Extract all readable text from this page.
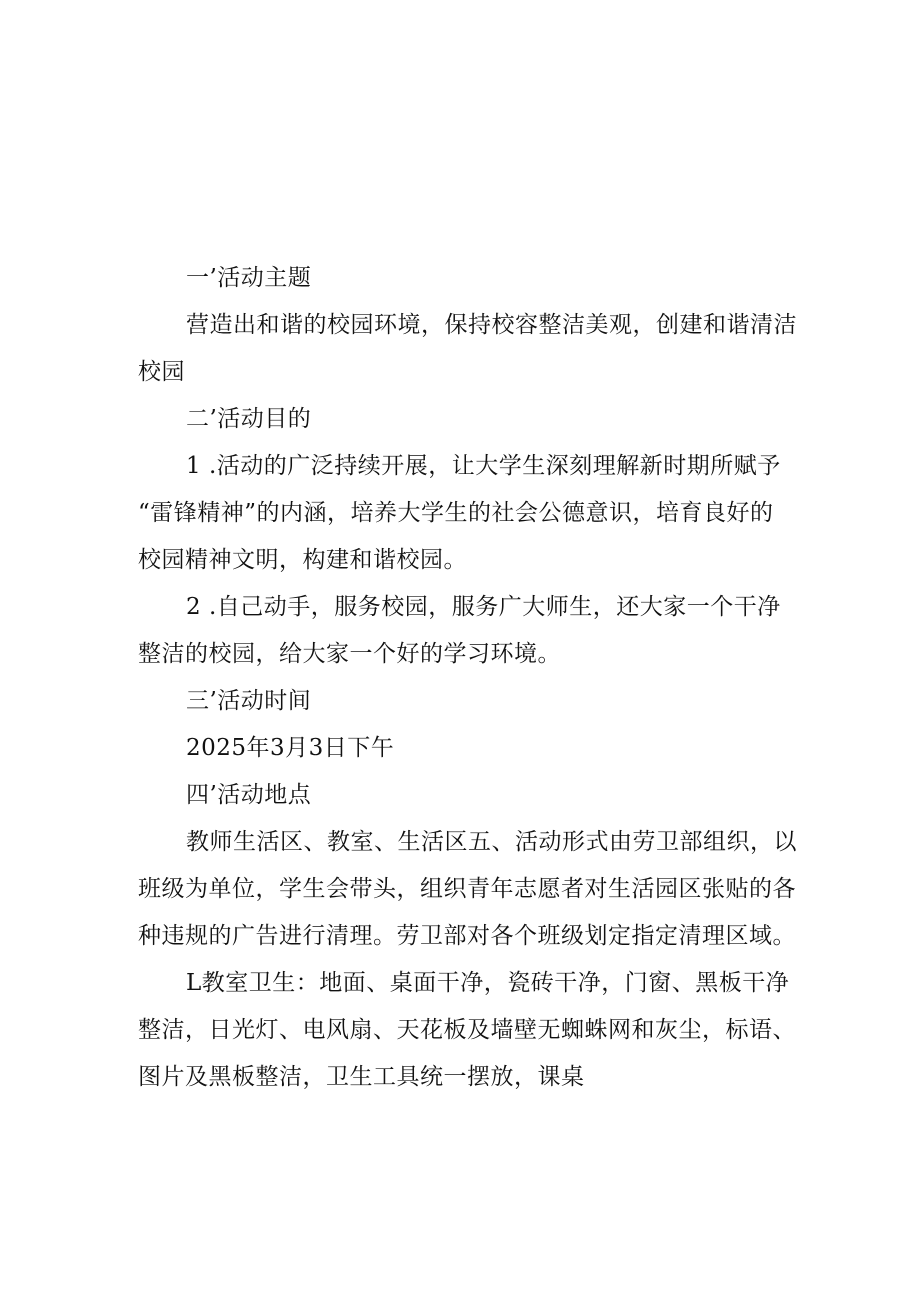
一’活动主题
营造出和谐的校园环境，保持校容整洁美观，创建和谐清洁
校园
二’活动目的
1 .活动的广泛持续开展，让大学生深刻理解新时期所赋予
“雷锋精神”的内涵，培养大学生的社会公德意识，培育良好的
校园精神文明，构建和谐校园。
2 .自己动手，服务校园，服务广大师生，还大家一个干净
整洁的校园，给大家一个好的学习环境。
三’活动时间
2025年3月3日下午
四’活动地点
教师生活区、教室、生活区五、活动形式由劳卫部组织，以
班级为单位，学生会带头，组织青年志愿者对生活园区张贴的各
种违规的广告进行清理。劳卫部对各个班级划定指定清理区域。
L教室卫生：地面、桌面干净，瓷砖干净，门窗、黑板干净
整洁，日光灯、电风扇、天花板及墙壁无蜘蛛网和灰尘，标语、
图片及黑板整洁，卫生工具统一摆放，课桌
